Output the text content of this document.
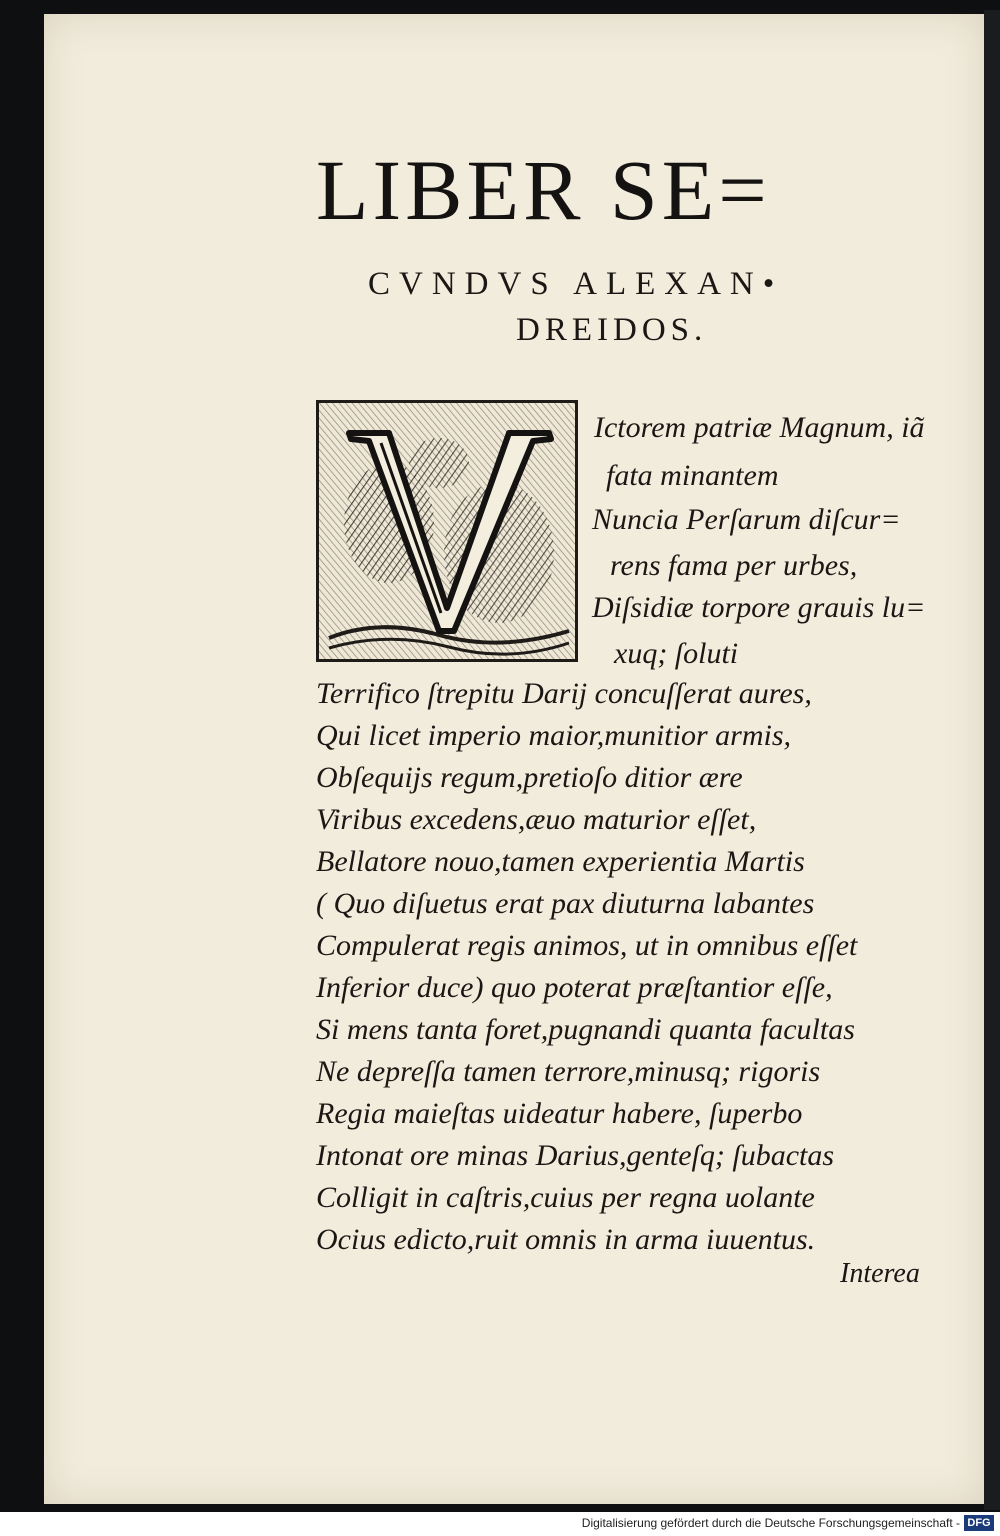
LIBER SE=
CVNDVS ALEXAN•
DREIDOS.
Ictorem patriæ Magnum, iã
fata minantem
Nuncia Perſarum diſcur=
rens fama per urbes,
Diſsidiæ torpore grauis lu=
xuq; ſoluti
Terrifico ſtrepitu Darij concuſſerat aures,
Qui licet imperio maior,munitior armis,
Obſequijs regum,pretioſo ditior ære
Viribus excedens,æuo maturior eſſet,
Bellatore nouo,tamen experientia Martis
( Quo diſuetus erat pax diuturna labantes
Compulerat regis animos, ut in omnibus eſſet
Inferior duce) quo poterat præſtantior eſſe,
Si mens tanta foret,pugnandi quanta facultas
Ne depreſſa tamen terrore,minusq; rigoris
Regia maieſtas uideatur habere, ſuperbo
Intonat ore minas Darius,genteſq; ſubactas
Colligit in caſtris,cuius per regna uolante
Ocius edicto,ruit omnis in arma iuuentus.
Interea
Digitalisierung gefördert durch die Deutsche Forschungsgemeinschaft - DFG
